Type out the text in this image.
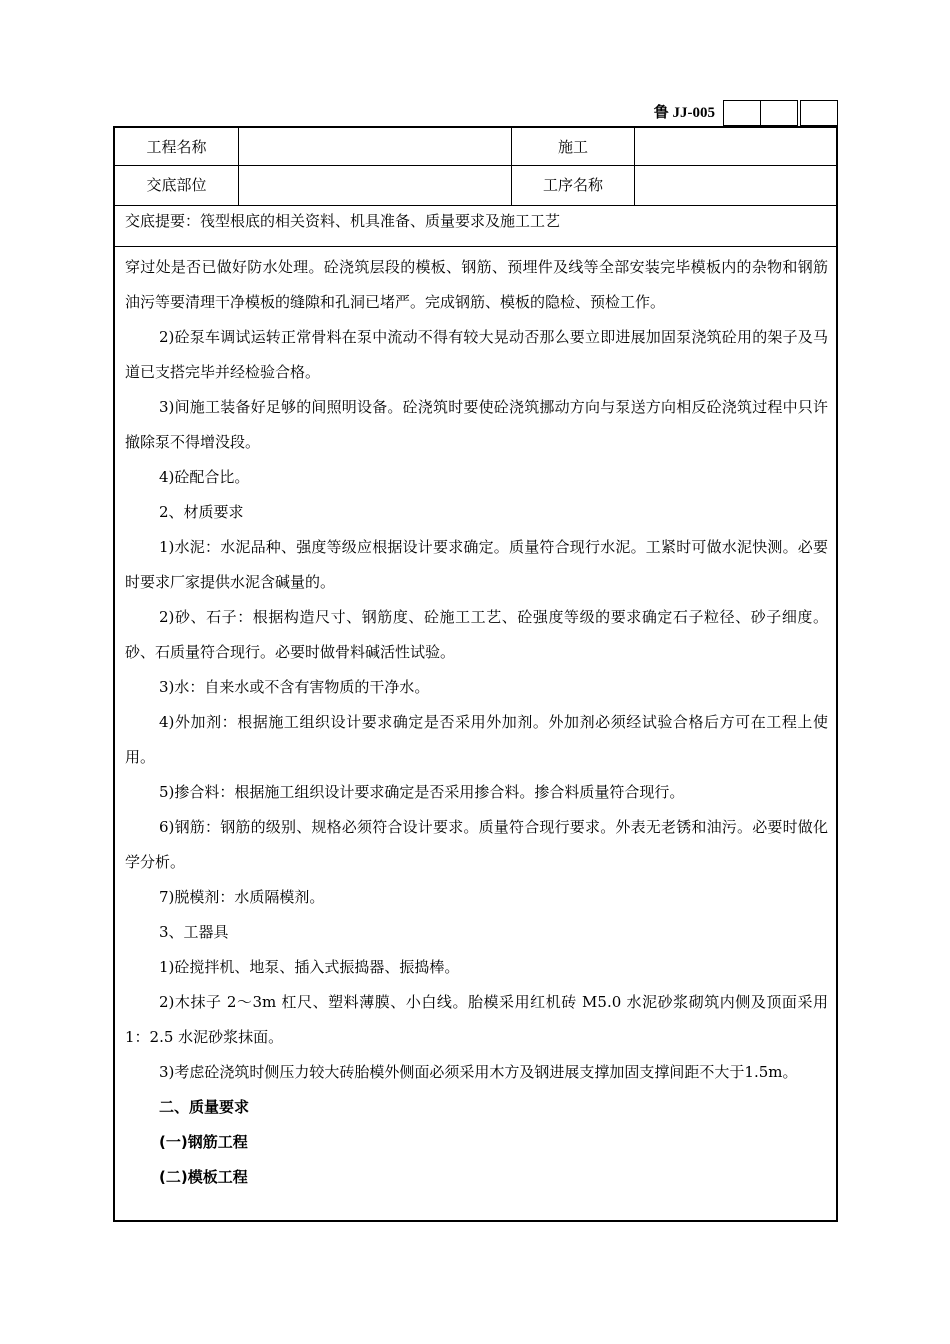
鲁 JJ-005
工程名称	施工
交底部位	工序名称
交底提要：筏型根底的相关资料、机具准备、质量要求及施工工艺

穿过处是否已做好防水处理。砼浇筑层段的模板、钢筋、预埋件及线等全部安装完毕模板内的杂物和钢筋油污等要清理干净模板的缝隙和孔洞已堵严。完成钢筋、模板的隐检、预检工作。

2)砼泵车调试运转正常骨料在泵中流动不得有较大晃动否那么要立即进展加固泵浇筑砼用的架子及马道已支搭完毕并经检验合格。

3)间施工装备好足够的间照明设备。砼浇筑时要使砼浇筑挪动方向与泵送方向相反砼浇筑过程中只许撤除泵不得增没段。

4)砼配合比。

2、材质要求

1)水泥：水泥品种、强度等级应根据设计要求确定。质量符合现行水泥。工紧时可做水泥快测。必要时要求厂家提供水泥含碱量的。

2)砂、石子：根据构造尺寸、钢筋度、砼施工工艺、砼强度等级的要求确定石子粒径、砂子细度。砂、石质量符合现行。必要时做骨料碱活性试验。

3)水：自来水或不含有害物质的干净水。

4)外加剂：根据施工组织设计要求确定是否采用外加剂。外加剂必须经试验合格后方可在工程上使用。

5)掺合料：根据施工组织设计要求确定是否采用掺合料。掺合料质量符合现行。

6)钢筋：钢筋的级别、规格必须符合设计要求。质量符合现行要求。外表无老锈和油污。必要时做化学分析。

7)脱模剂：水质隔模剂。

3、工器具

1)砼搅拌机、地泵、插入式振捣器、振捣棒。

2)木抹子 2～3m 杠尺、塑料薄膜、小白线。胎模采用红机砖 M5.0 水泥砂浆砌筑内侧及顶面采用 1：2.5 水泥砂浆抹面。

3)考虑砼浇筑时侧压力较大砖胎模外侧面必须采用木方及钢进展支撑加固支撑间距不大于1.5m。

二、质量要求

(一)钢筋工程

(二)模板工程
